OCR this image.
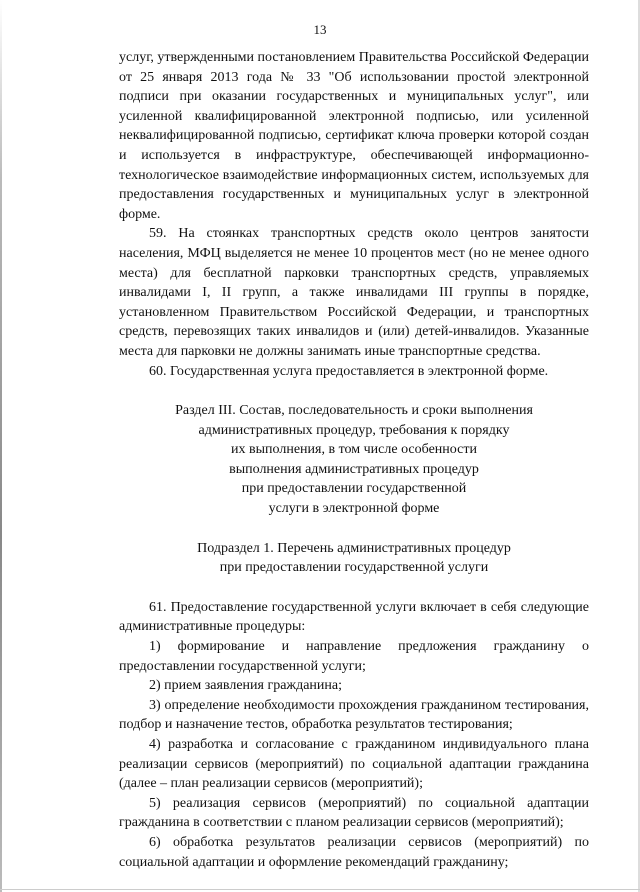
13

услуг, утвержденными постановлением Правительства Российской Федерации от 25 января 2013 года № 33 "Об использовании простой электронной подписи при оказании государственных и муниципальных услуг", или усиленной квалифицированной электронной подписью, или усиленной неквалифицированной подписью, сертификат ключа проверки которой создан и используется в инфраструктуре, обеспечивающей информационно-технологическое взаимодействие информационных систем, используемых для предоставления государственных и муниципальных услуг в электронной форме.

59. На стоянках транспортных средств около центров занятости населения, МФЦ выделяется не менее 10 процентов мест (но не менее одного места) для бесплатной парковки транспортных средств, управляемых инвалидами I, II групп, а также инвалидами III группы в порядке, установленном Правительством Российской Федерации, и транспортных средств, перевозящих таких инвалидов и (или) детей-инвалидов. Указанные места для парковки не должны занимать иные транспортные средства.

60. Государственная услуга предоставляется в электронной форме.

Раздел III. Состав, последовательность и сроки выполнения
административных процедур, требования к порядку
их выполнения, в том числе особенности
выполнения административных процедур
при предоставлении государственной
услуги в электронной форме

Подраздел 1. Перечень административных процедур
при предоставлении государственной услуги

61. Предоставление государственной услуги включает в себя следующие административные процедуры:

1) формирование и направление предложения гражданину о предоставлении государственной услуги;

2) прием заявления гражданина;

3) определение необходимости прохождения гражданином тестирования, подбор и назначение тестов, обработка результатов тестирования;

4) разработка и согласование с гражданином индивидуального плана реализации сервисов (мероприятий) по социальной адаптации гражданина (далее – план реализации сервисов (мероприятий);

5) реализация сервисов (мероприятий) по социальной адаптации гражданина в соответствии с планом реализации сервисов (мероприятий);

6) обработка результатов реализации сервисов (мероприятий) по социальной адаптации и оформление рекомендаций гражданину;
